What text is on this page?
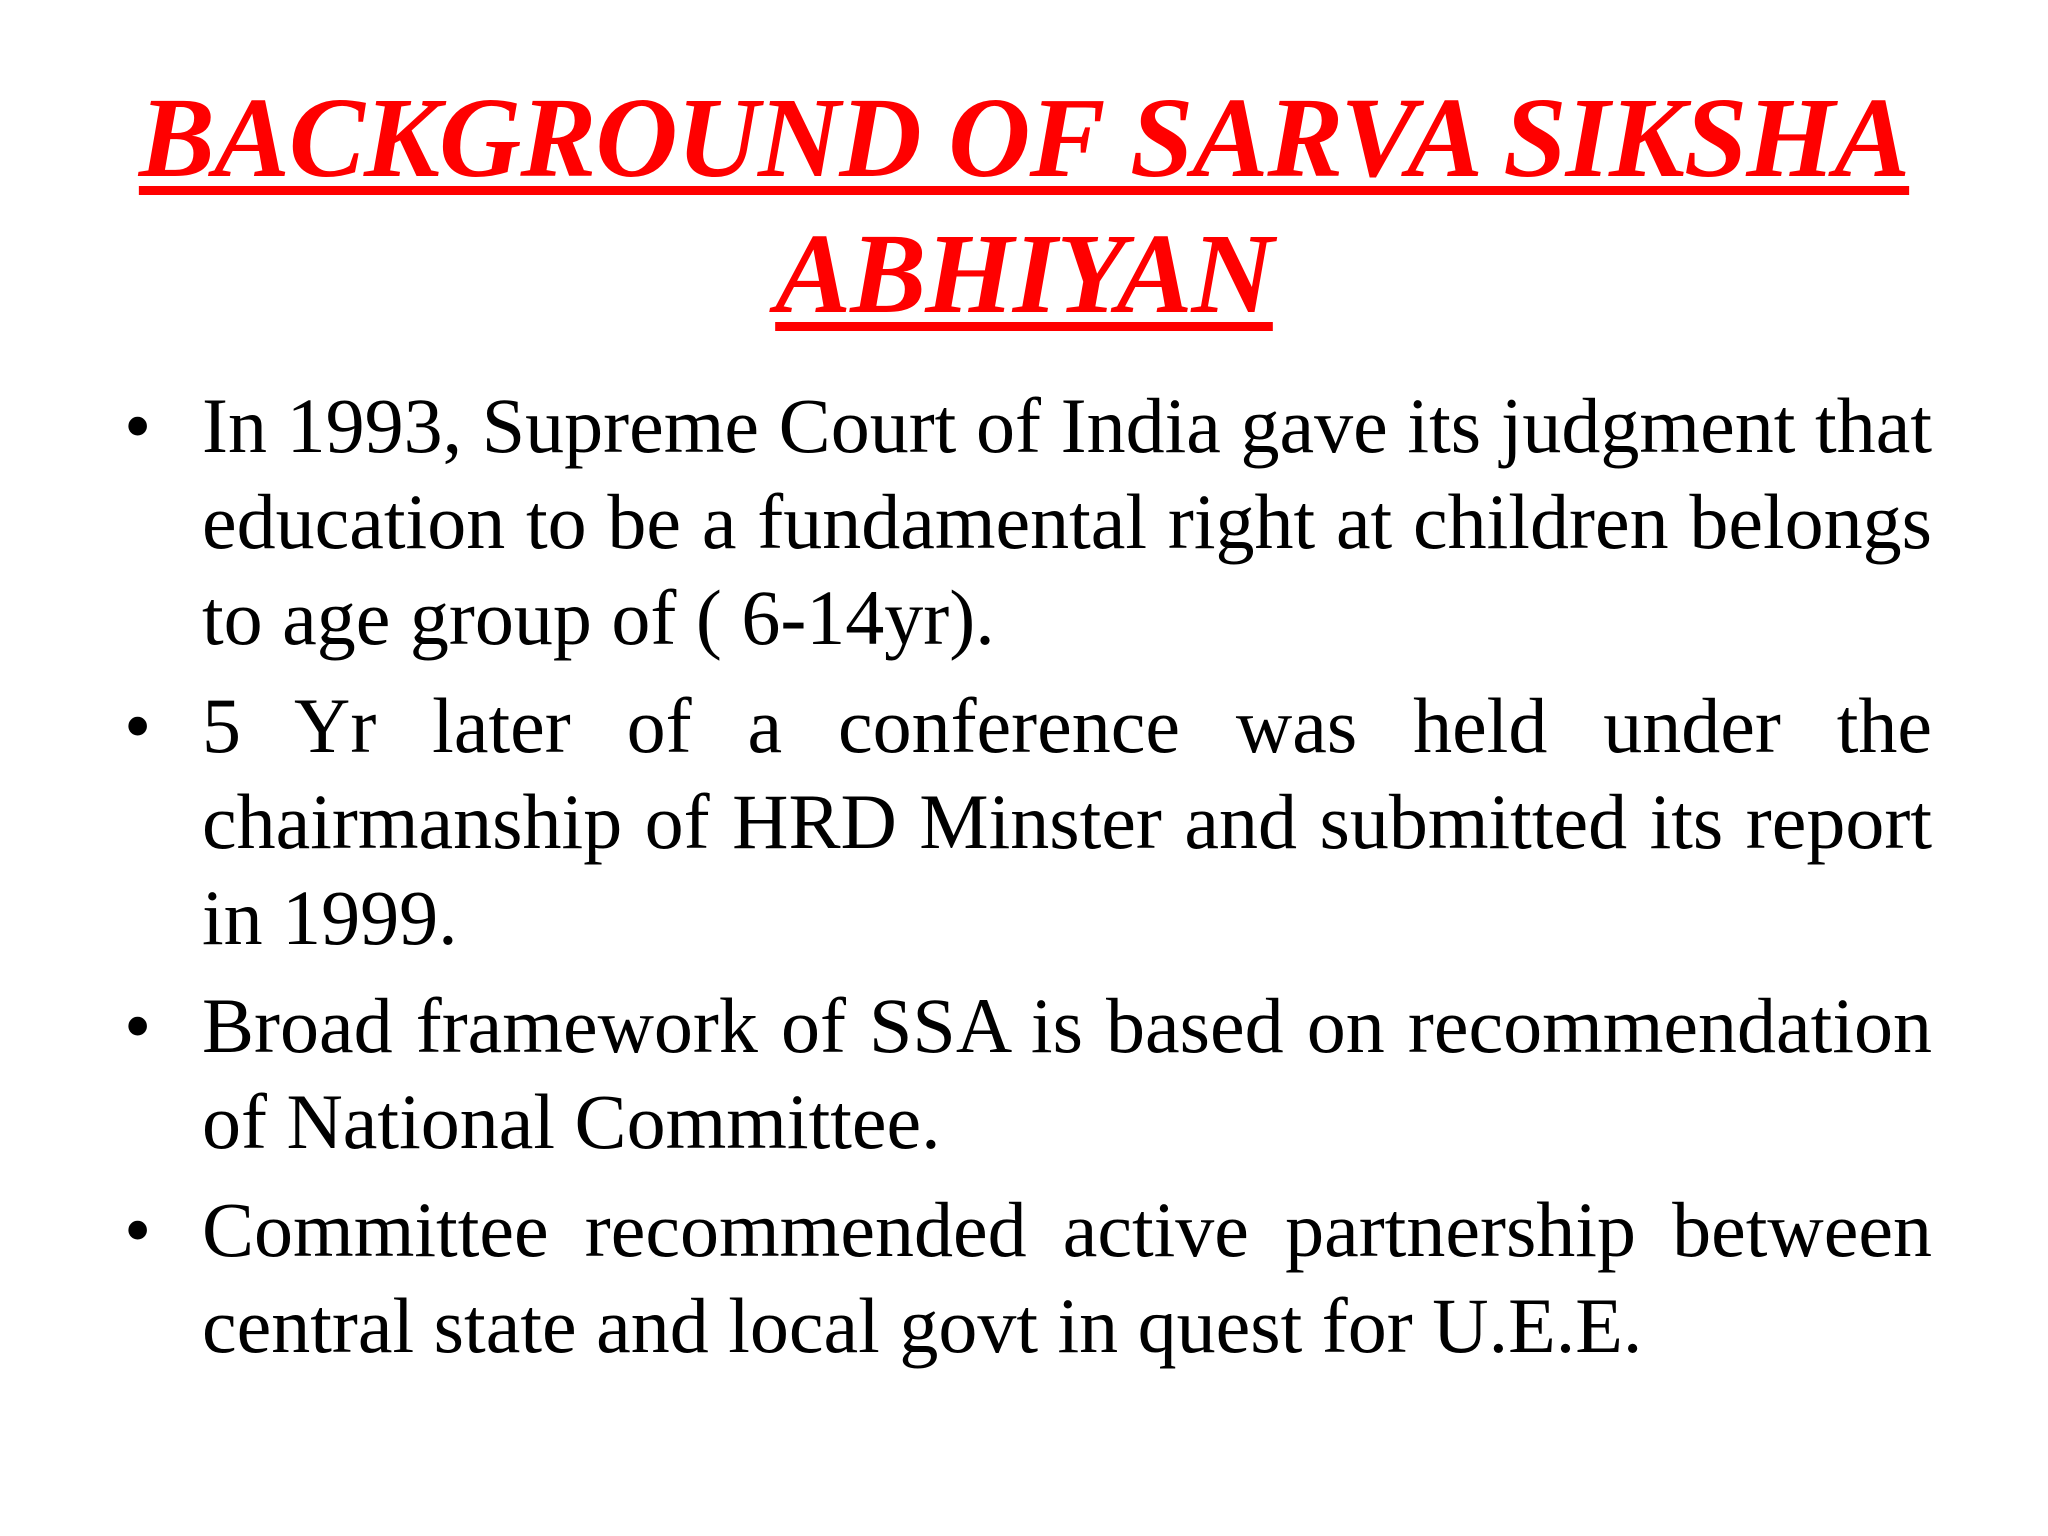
BACKGROUND OF SARVA SIKSHA
ABHIYAN
• In 1993, Supreme Court of India gave its judgment that education to be a fundamental right at children belongs to age group of ( 6-14yr).
• 5 Yr later of a conference was held under the chairmanship of HRD Minster and submitted its report in 1999.
• Broad framework of SSA is based on recommendation of National Committee.
• Committee recommended active partnership between central state and local govt in quest for U.E.E.
